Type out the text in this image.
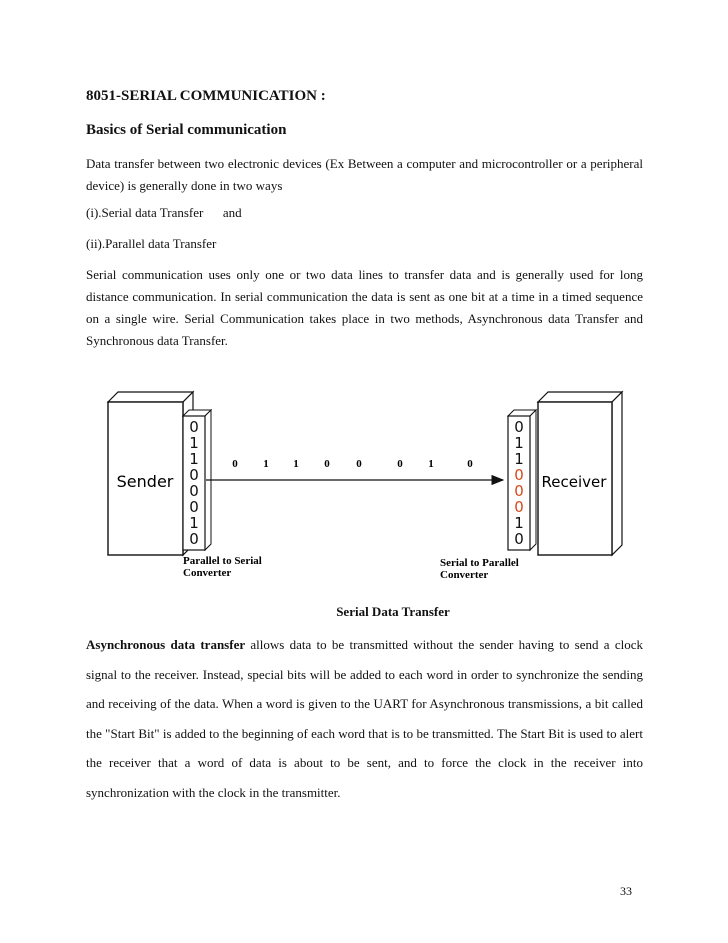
8051-SERIAL COMMUNICATION :
Basics of Serial communication

Data transfer between two electronic devices (Ex Between a computer and microcontroller or a peripheral device) is generally done in two ways

(i).Serial data Transfer      and

(ii).Parallel data Transfer

Serial communication uses only one or two data lines to transfer data and is generally used for long distance communication. In serial communication the data is sent as one bit at a time in a timed sequence on a single wire. Serial Communication takes place in two methods, Asynchronous data Transfer and Synchronous data Transfer.

Sender
0
1
1
0
0
0
1
0
0 1 1 0 0	0 1	0
0
1
1
0
0
0
1
0
Receiver
Parallel to Serial
Converter
Serial to Parallel
Converter
Serial Data Transfer

Asynchronous data transfer allows data to be transmitted without the sender having to send a clock signal to the receiver. Instead, special bits will be added to each word in order to synchronize the sending and receiving of the data. When a word is given to the UART for Asynchronous transmissions, a bit called the "Start Bit" is added to the beginning of each word that is to be transmitted. The Start Bit is used to alert the receiver that a word of data is about to be sent, and to force the clock in the receiver into synchronization with the clock in the transmitter.

33
